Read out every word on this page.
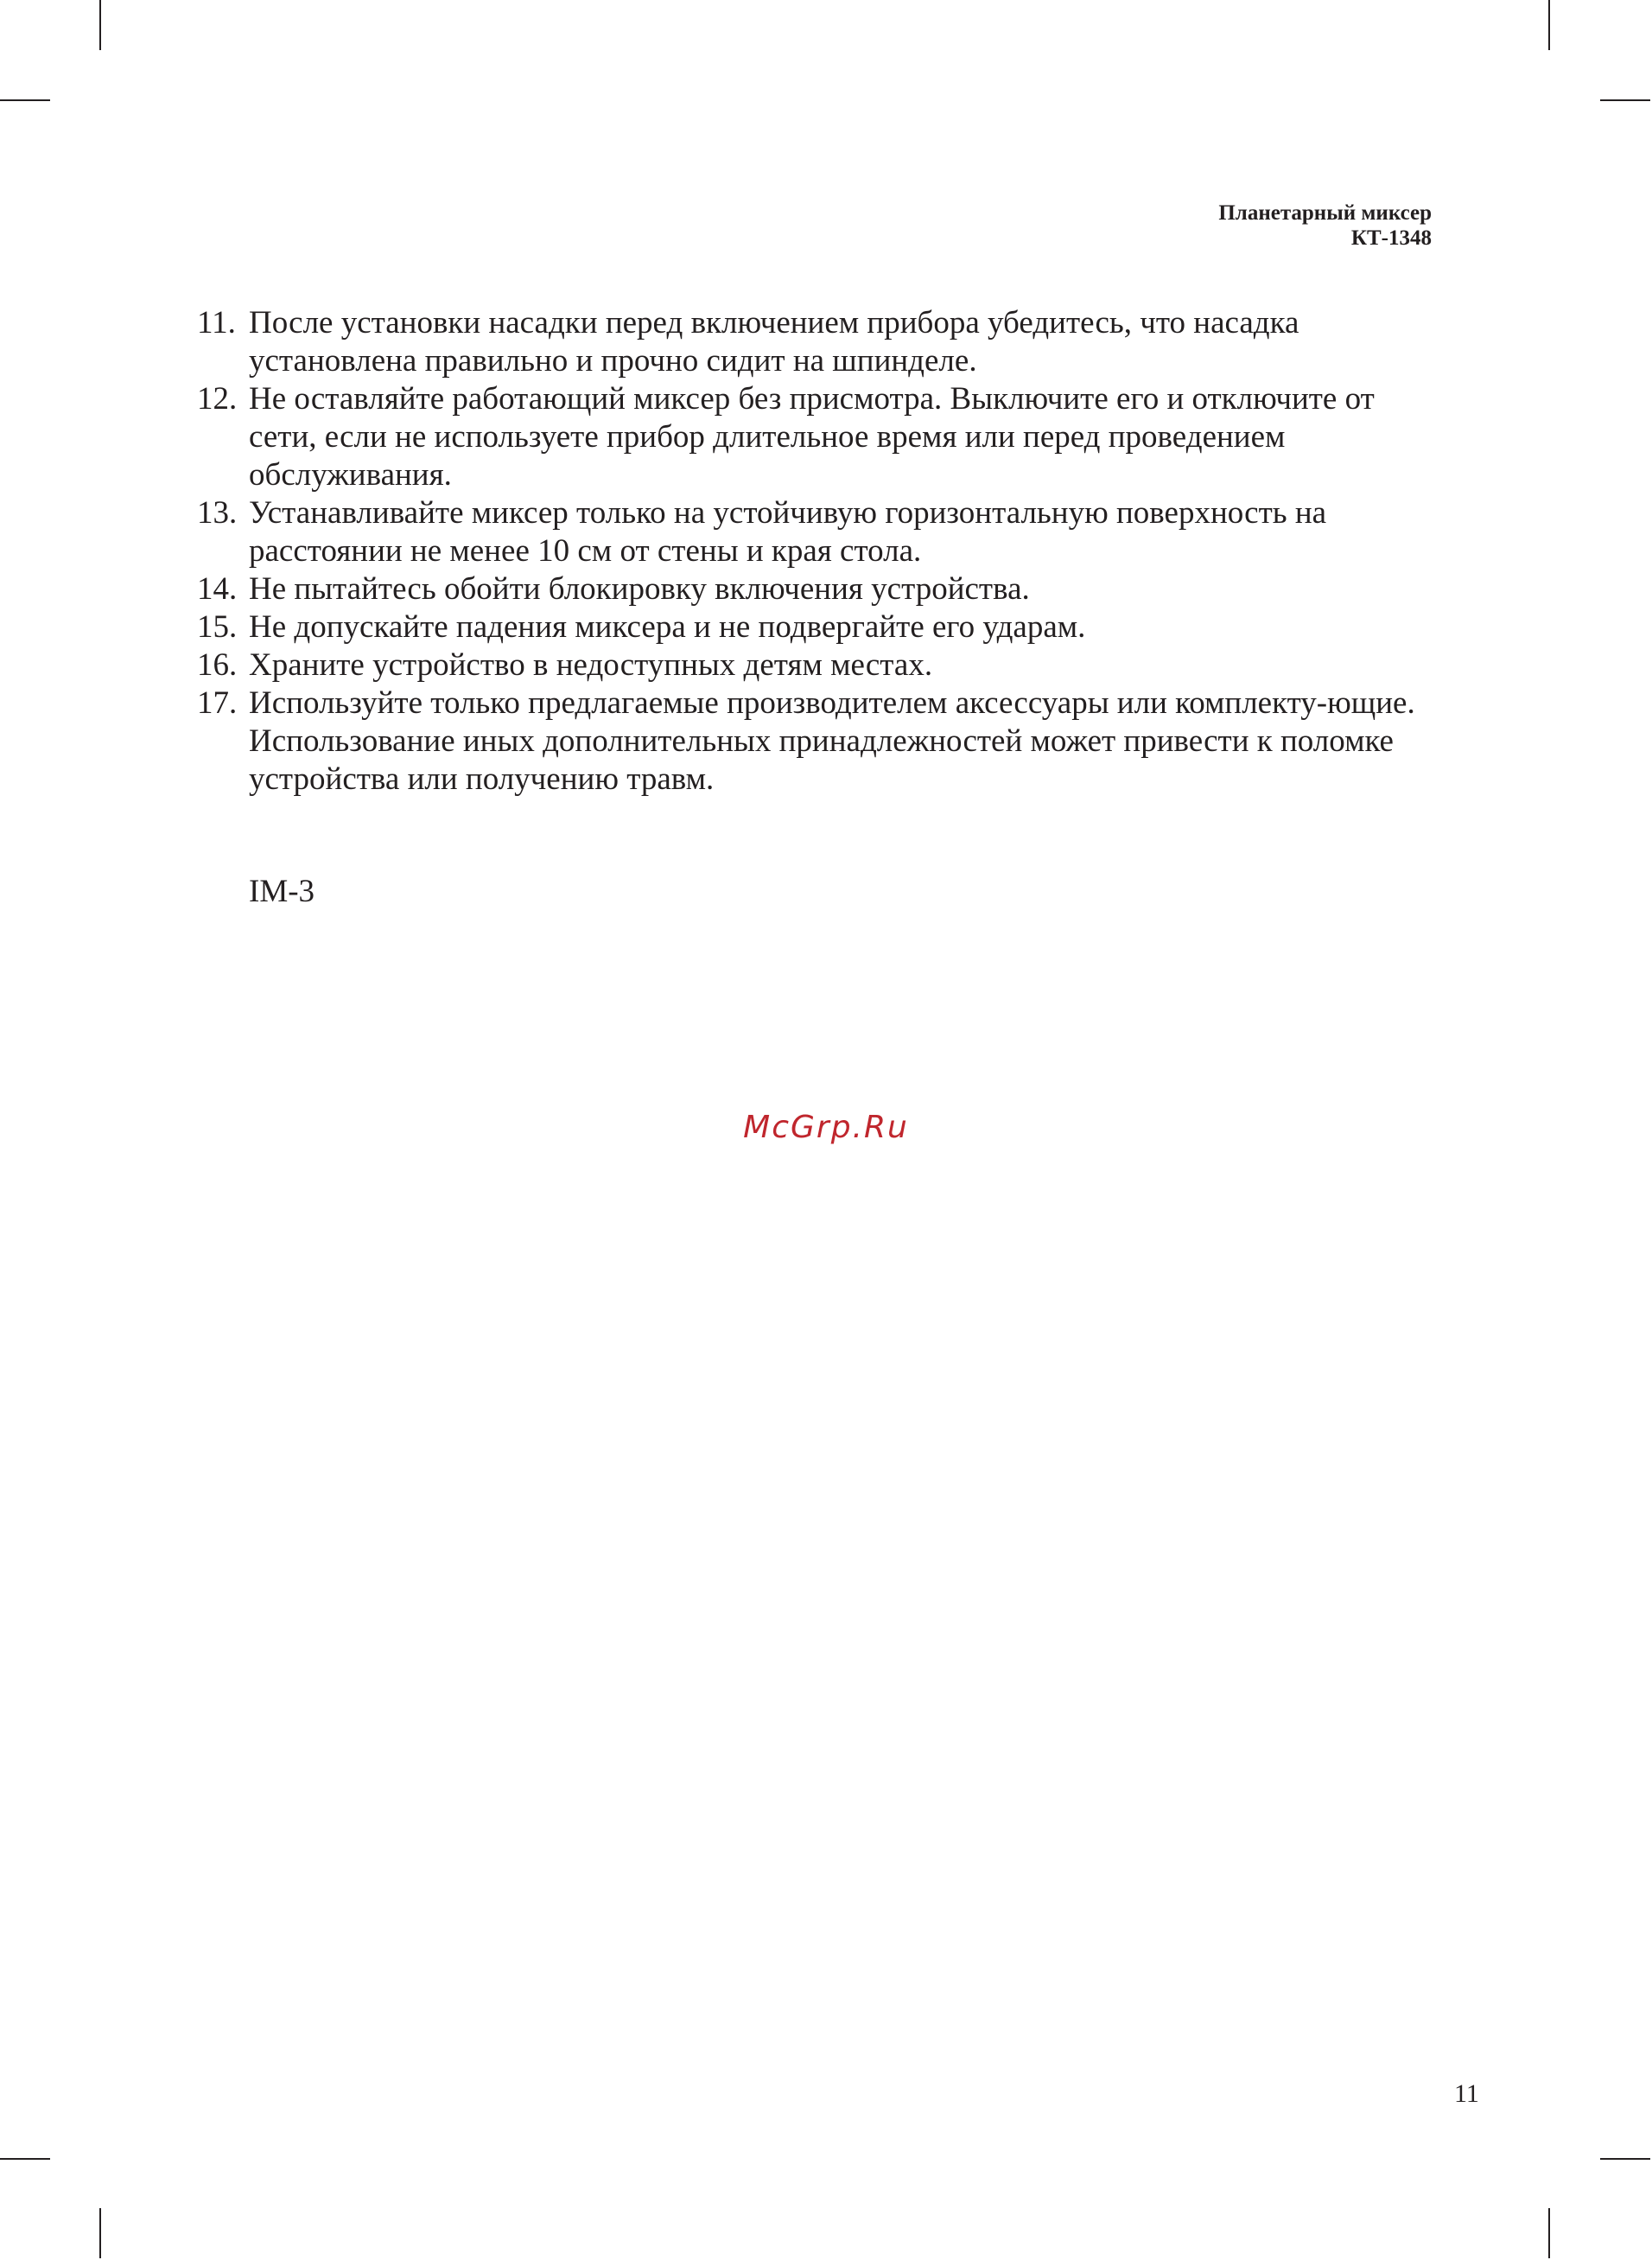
Планетарный миксер
КТ-1348
11. После установки насадки перед включением прибора убедитесь, что насадка установлена правильно и прочно сидит на шпинделе.
12. Не оставляйте работающий миксер без присмотра. Выключите его и отключите от сети, если не используете прибор длительное время или перед проведением обслуживания.
13. Устанавливайте миксер только на устойчивую горизонтальную поверхность на расстоянии не менее 10 см от стены и края стола.
14. Не пытайтесь обойти блокировку включения устройства.
15. Не допускайте падения миксера и не подвергайте его ударам.
16. Храните устройство в недоступных детям местах.
17. Используйте только предлагаемые производителем аксессуары или комплекту-ющие. Использование иных дополнительных принадлежностей может привести к поломке устройства или получению травм.
IM-3
McGrp.Ru
11
